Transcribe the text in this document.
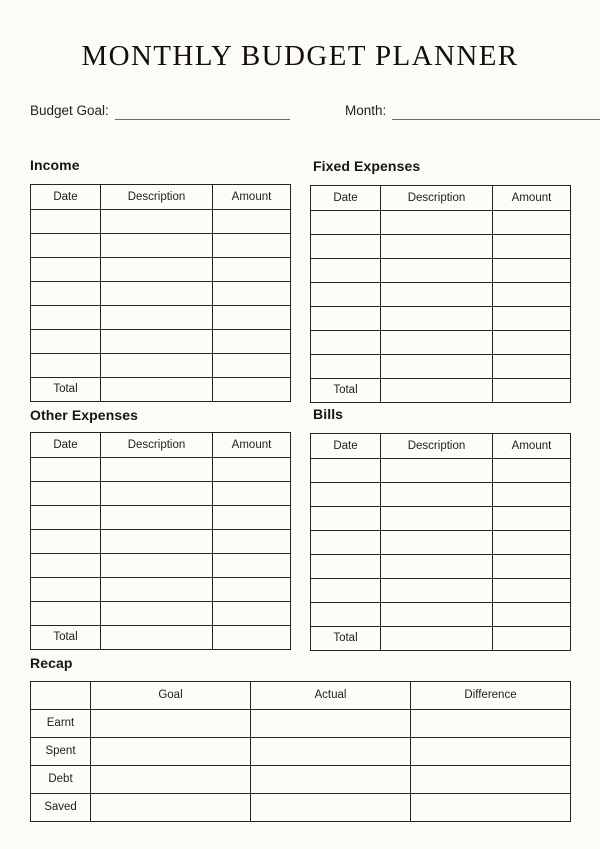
MONTHLY BUDGET PLANNER
Budget Goal:	Month:
Income	Fixed Expenses
Other Expenses	Bills
Recap
Date	Description	Amount

Total		
Date	Description	Amount

Total		
Date	Description	Amount

Total		
Date	Description	Amount

Total		
	Goal	Actual	Difference
Earnt			
Spent			
Debt			
Saved			
